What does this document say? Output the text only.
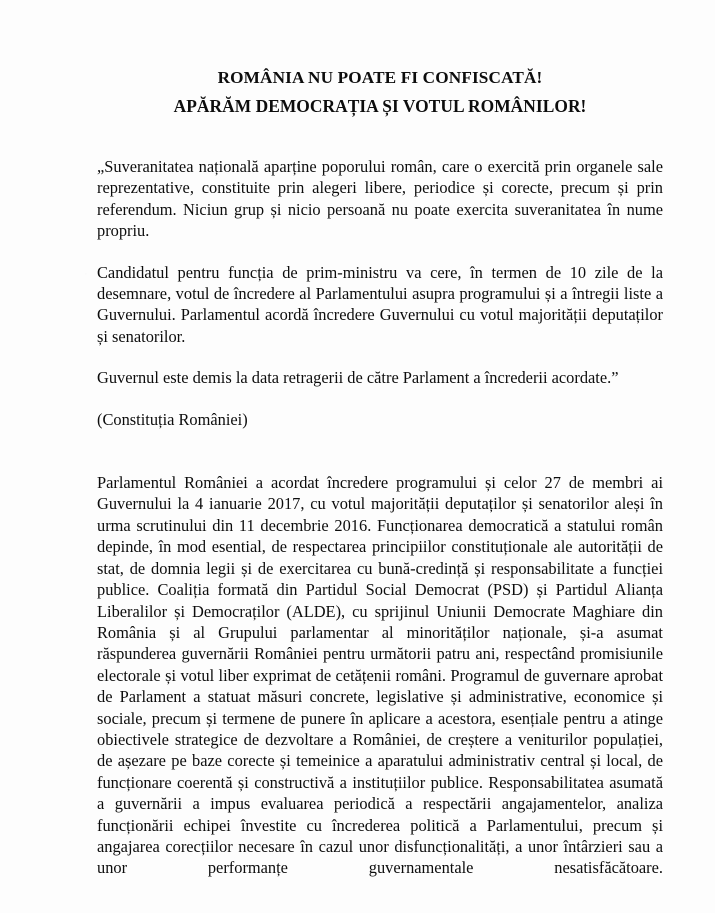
ROMÂNIA NU POATE FI CONFISCATĂ!
APĂRĂM DEMOCRAȚIA ȘI VOTUL ROMÂNILOR!

„Suveranitatea națională aparține poporului român, care o exercită prin organele sale reprezentative, constituite prin alegeri libere, periodice și corecte, precum și prin referendum. Niciun grup și nicio persoană nu poate exercita suveranitatea în nume propriu.

Candidatul pentru funcția de prim-ministru va cere, în termen de 10 zile de la desemnare, votul de încredere al Parlamentului asupra programului și a întregii liste a Guvernului. Parlamentul acordă încredere Guvernului cu votul majorității deputaților și senatorilor.

Guvernul este demis la data retragerii de către Parlament a încrederii acordate.”

(Constituția României)

Parlamentul României a acordat încredere programului și celor 27 de membri ai Guvernului la 4 ianuarie 2017, cu votul majorității deputaților și senatorilor aleși în urma scrutinului din 11 decembrie 2016. Funcționarea democratică a statului român depinde, în mod esential, de respectarea principiilor constituționale ale autorității de stat, de domnia legii și de exercitarea cu bună-credință și responsabilitate a funcției publice. Coaliția formată din Partidul Social Democrat (PSD) și Partidul Alianța Liberalilor și Democraților (ALDE), cu sprijinul Uniunii Democrate Maghiare din România și al Grupului parlamentar al minorităților naționale, și-a asumat răspunderea guvernării României pentru următorii patru ani, respectând promisiunile electorale și votul liber exprimat de cetățenii români. Programul de guvernare aprobat de Parlament a statuat măsuri concrete, legislative și administrative, economice și sociale, precum și termene de punere în aplicare a acestora, esențiale pentru a atinge obiectivele strategice de dezvoltare a României, de creștere a veniturilor populației, de așezare pe baze corecte și temeinice a aparatului administrativ central și local, de funcționare coerentă și constructivă a instituțiilor publice. Responsabilitatea asumată a guvernării a impus evaluarea periodică a respectării angajamentelor, analiza funcționării echipei învestite cu încrederea politică a Parlamentului, precum și angajarea corecțiilor necesare în cazul unor disfuncționalități, a unor întârzieri sau a unor performanțe guvernamentale nesatisfăcătoare.
